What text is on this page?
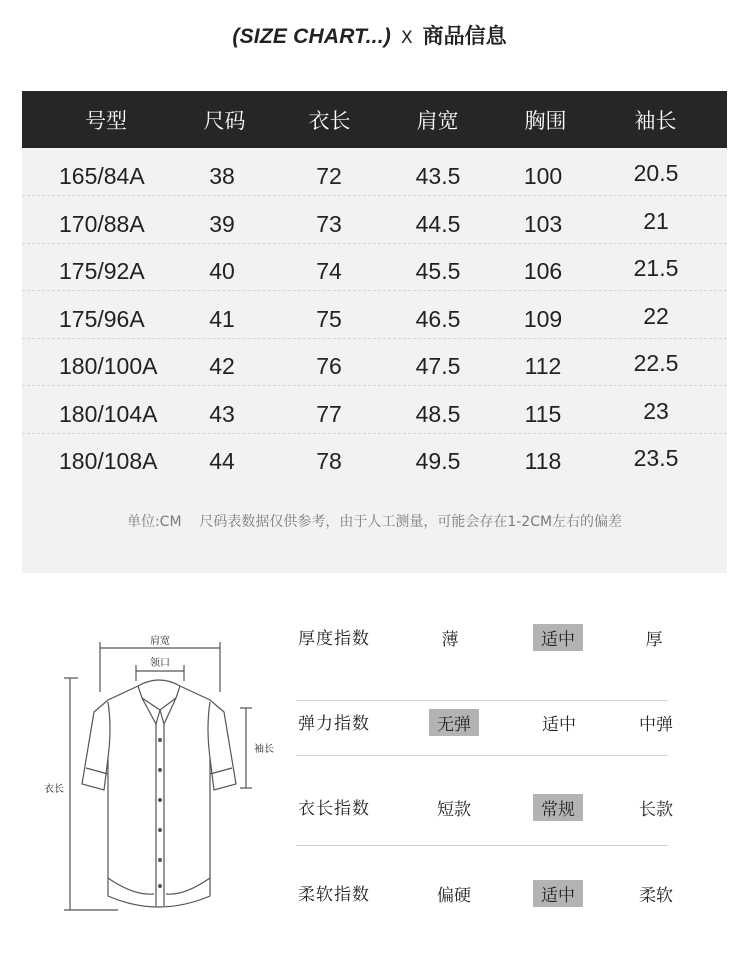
(SIZE CHART...) X 商品信息
号型	尺码	衣长	肩宽	胸围	袖长
165/84A	38	72	43.5	100	20.5
170/88A	39	73	44.5	103	21
175/92A	40	74	45.5	106	21.5
175/96A	41	75	46.5	109	22
180/100A	42	76	47.5	112	22.5
180/104A	43	77	48.5	115	23
180/108A	44	78	49.5	118	23.5
单位:CM    尺码表数据仅供参考，由于人工测量，可能会存在1-2CM左右的偏差
肩宽
领口
袖长
衣长
厚度指数	薄	适中	厚
弹力指数	无弹	适中	中弹
衣长指数	短款	常规	长款
柔软指数	偏硬	适中	柔软
